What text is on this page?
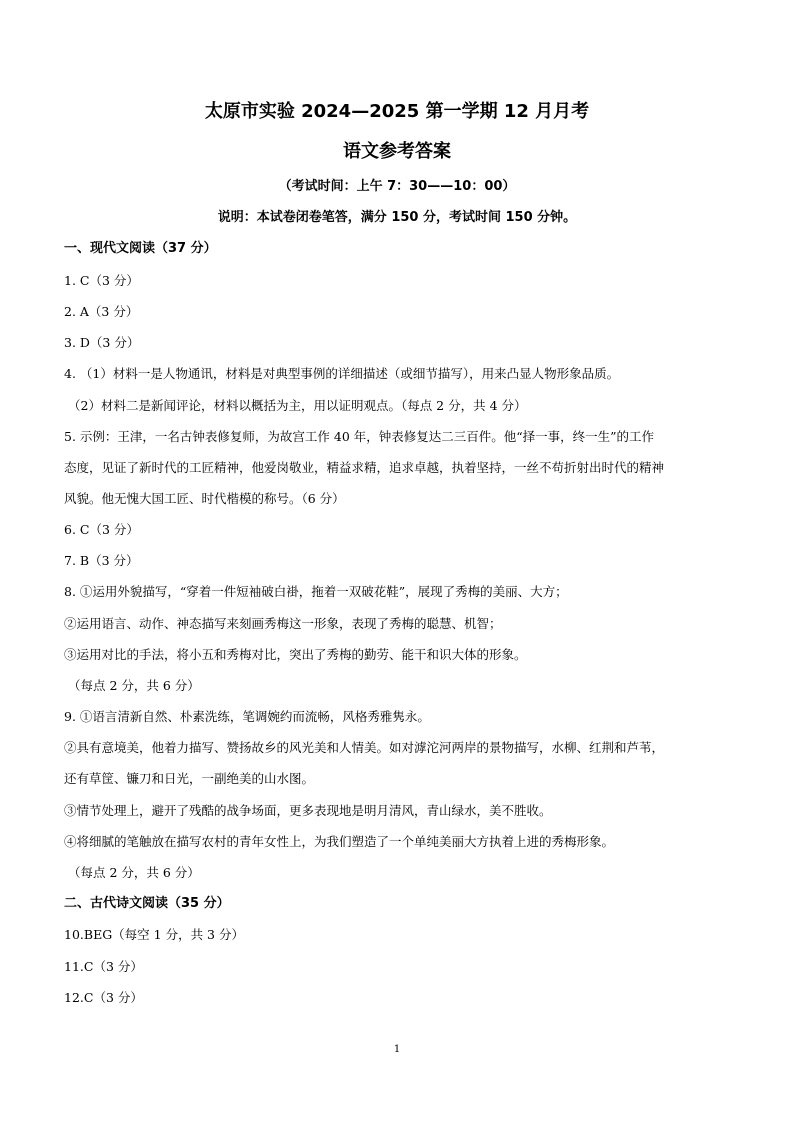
太原市实验 2024—2025 第一学期 12 月月考
语文参考答案
（考试时间：上午 7：30——10：00）
说明：本试卷闭卷笔答，满分 150 分，考试时间 150 分钟。
一、现代文阅读（37 分）
1. C（3 分）
2. A（3 分）
3. D（3 分）
4. （1）材料一是人物通讯，材料是对典型事例的详细描述（或细节描写），用来凸显人物形象品质。
（2）材料二是新闻评论，材料以概括为主，用以证明观点。（每点 2 分，共 4 分）
5. 示例：王津，一名古钟表修复师，为故宫工作 40 年，钟表修复达二三百件。他“择一事，终一生”的工作
态度，见证了新时代的工匠精神，他爱岗敬业，精益求精，追求卓越，执着坚持，一丝不苟折射出时代的精神
风貌。他无愧大国工匠、时代楷模的称号。（6 分）
6. C（3 分）
7. B（3 分）
8. ①运用外貌描写，“穿着一件短袖破白褂，拖着一双破花鞋”，展现了秀梅的美丽、大方；
②运用语言、动作、神态描写来刻画秀梅这一形象，表现了秀梅的聪慧、机智；
③运用对比的手法，将小五和秀梅对比，突出了秀梅的勤劳、能干和识大体的形象。
（每点 2 分，共 6 分）
9. ①语言清新自然、朴素洗练，笔调婉约而流畅，风格秀雅隽永。
②具有意境美，他着力描写、赞扬故乡的风光美和人情美。如对滹沱河两岸的景物描写，水柳、红荆和芦苇，
还有草筐、镰刀和日光，一副绝美的山水图。
③情节处理上，避开了残酷的战争场面，更多表现地是明月清风，青山绿水，美不胜收。
④将细腻的笔触放在描写农村的青年女性上，为我们塑造了一个单纯美丽大方执着上进的秀梅形象。
（每点 2 分，共 6 分）
二、古代诗文阅读（35 分）
10.BEG（每空 1 分，共 3 分）
11.C（3 分）
12.C（3 分）
1
